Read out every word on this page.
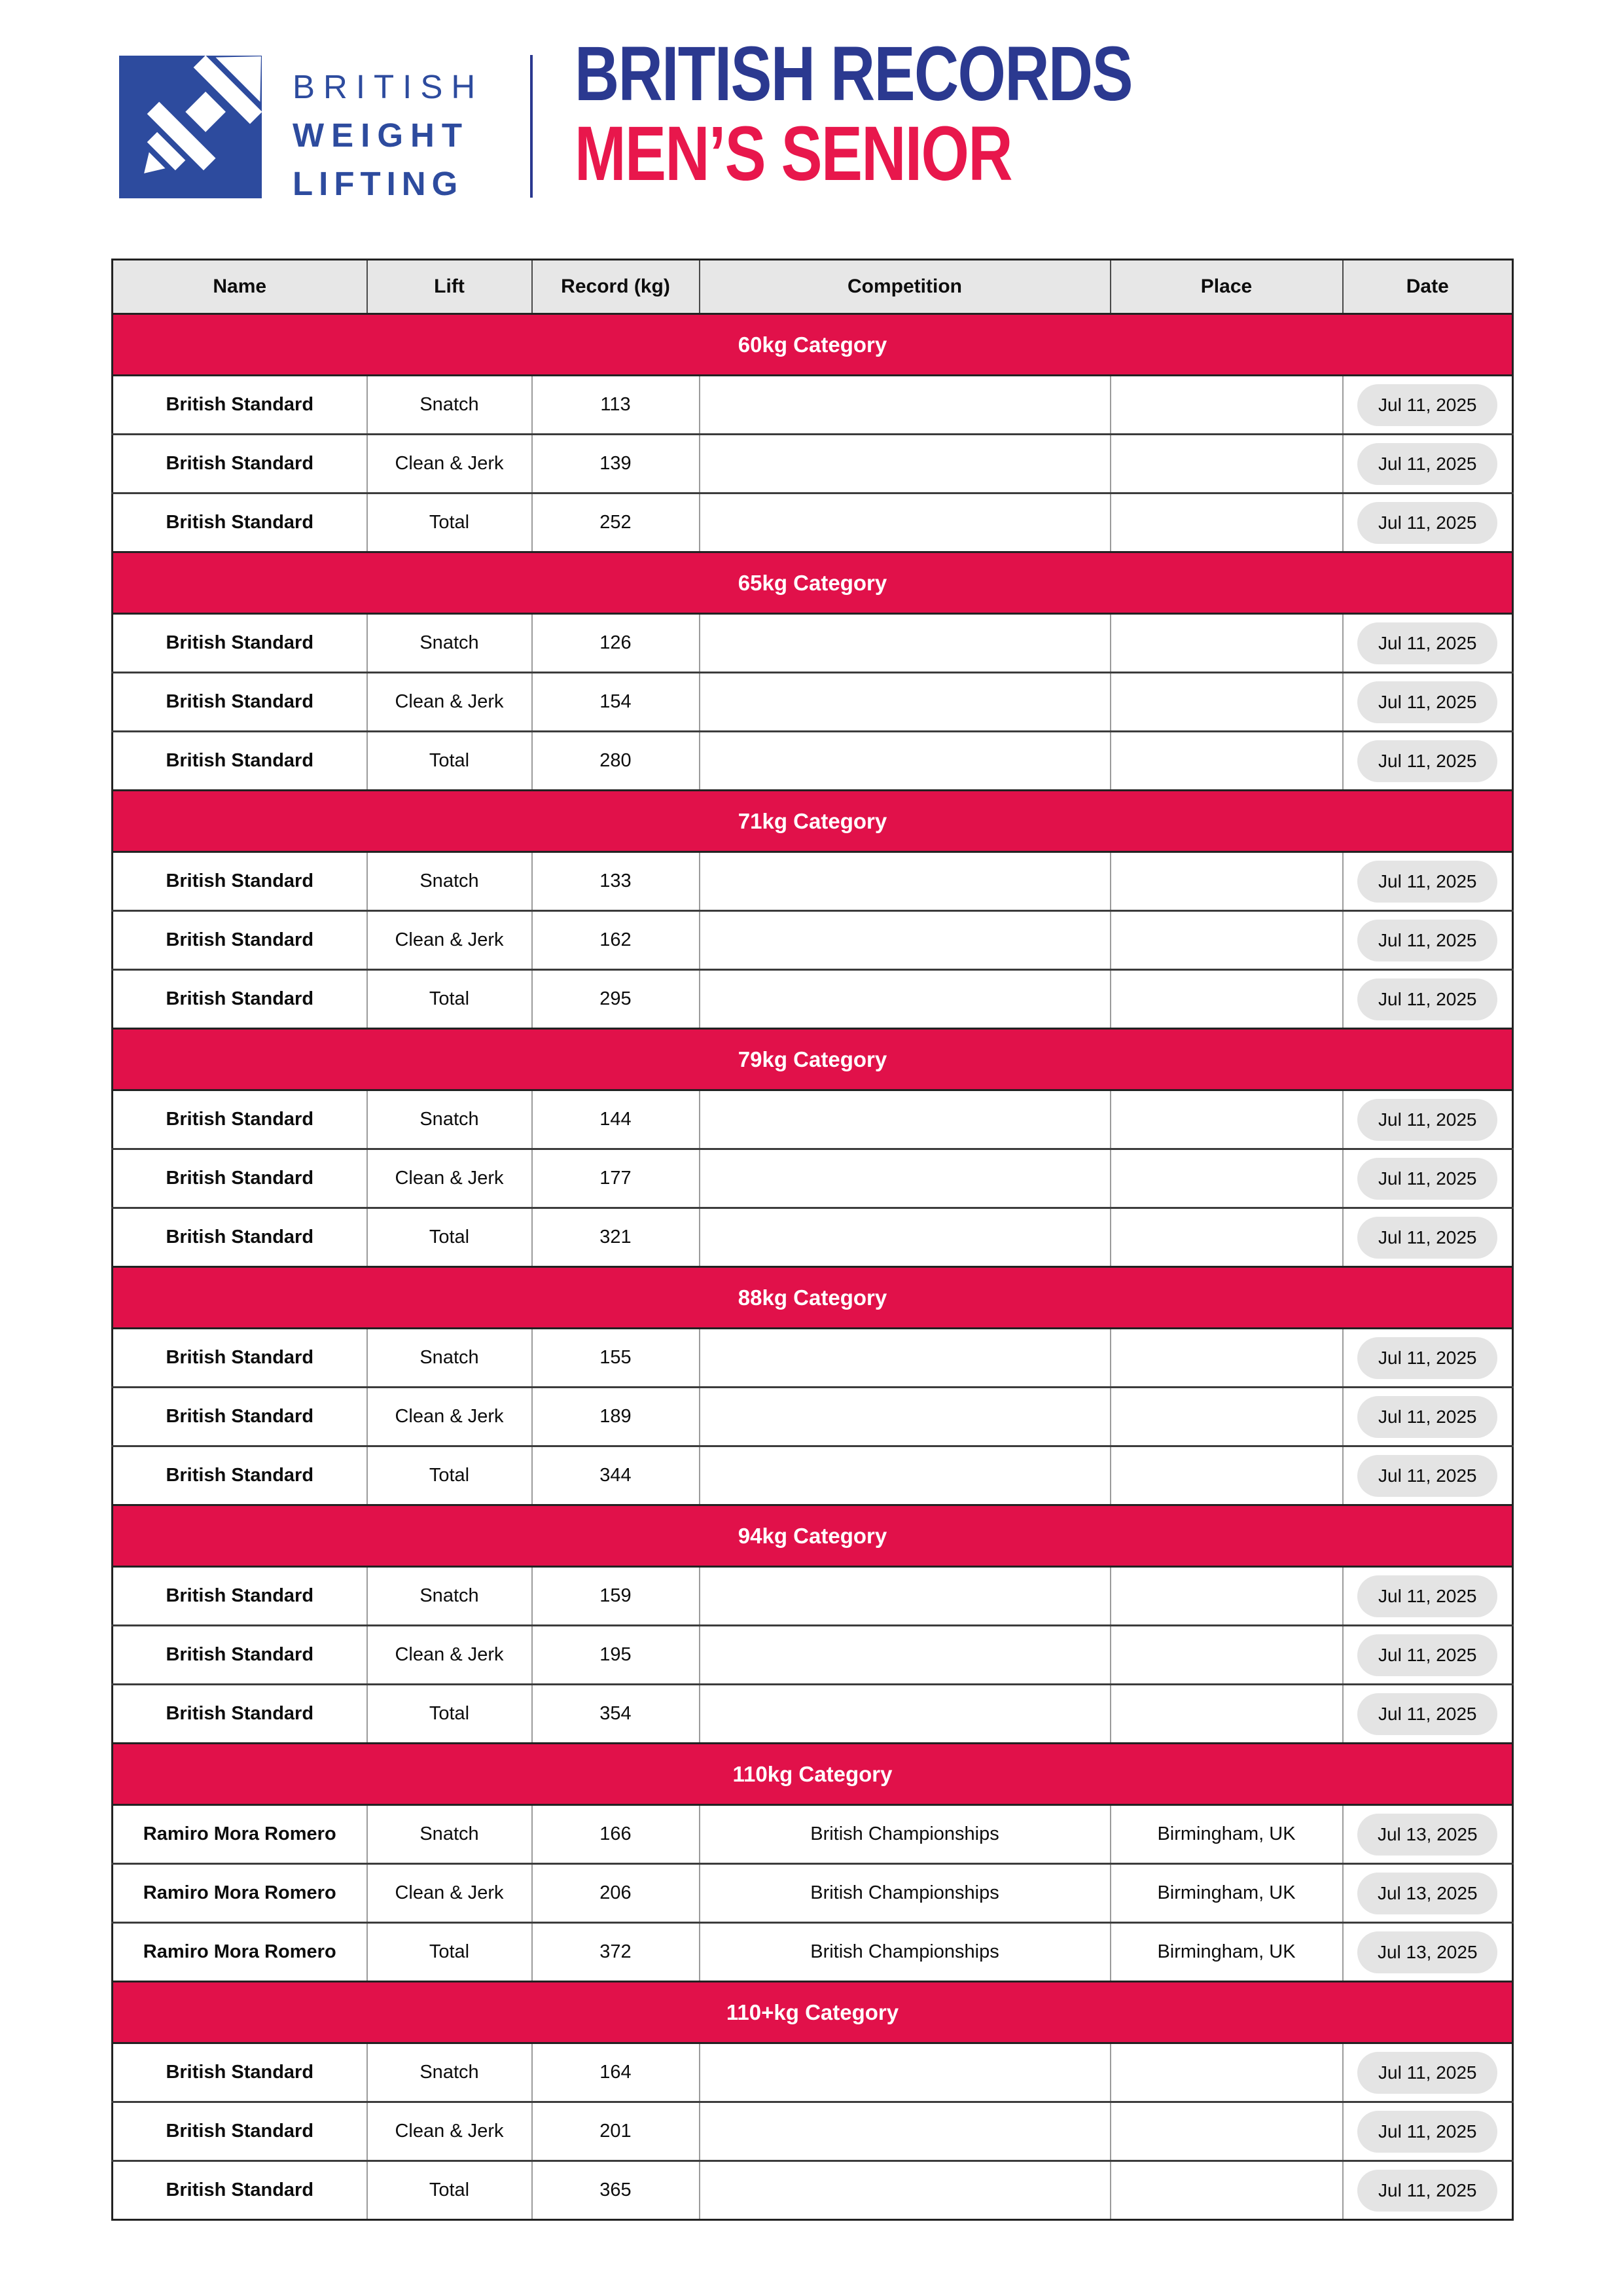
BRITISH
WEIGHT
LIFTING
BRITISH RECORDS
MEN’S SENIOR
Name	Lift	Record (kg)	Competition	Place	Date
60kg Category					
British Standard	Snatch	113			Jul 11, 2025
British Standard	Clean & Jerk	139			Jul 11, 2025
British Standard	Total	252			Jul 11, 2025
65kg Category					
British Standard	Snatch	126			Jul 11, 2025
British Standard	Clean & Jerk	154			Jul 11, 2025
British Standard	Total	280			Jul 11, 2025
71kg Category					
British Standard	Snatch	133			Jul 11, 2025
British Standard	Clean & Jerk	162			Jul 11, 2025
British Standard	Total	295			Jul 11, 2025
79kg Category					
British Standard	Snatch	144			Jul 11, 2025
British Standard	Clean & Jerk	177			Jul 11, 2025
British Standard	Total	321			Jul 11, 2025
88kg Category					
British Standard	Snatch	155			Jul 11, 2025
British Standard	Clean & Jerk	189			Jul 11, 2025
British Standard	Total	344			Jul 11, 2025
94kg Category					
British Standard	Snatch	159			Jul 11, 2025
British Standard	Clean & Jerk	195			Jul 11, 2025
British Standard	Total	354			Jul 11, 2025
110kg Category					
Ramiro Mora Romero	Snatch	166	British Championships	Birmingham, UK	Jul 13, 2025
Ramiro Mora Romero	Clean & Jerk	206	British Championships	Birmingham, UK	Jul 13, 2025
Ramiro Mora Romero	Total	372	British Championships	Birmingham, UK	Jul 13, 2025
110+kg Category					
British Standard	Snatch	164			Jul 11, 2025
British Standard	Clean & Jerk	201			Jul 11, 2025
British Standard	Total	365			Jul 11, 2025
